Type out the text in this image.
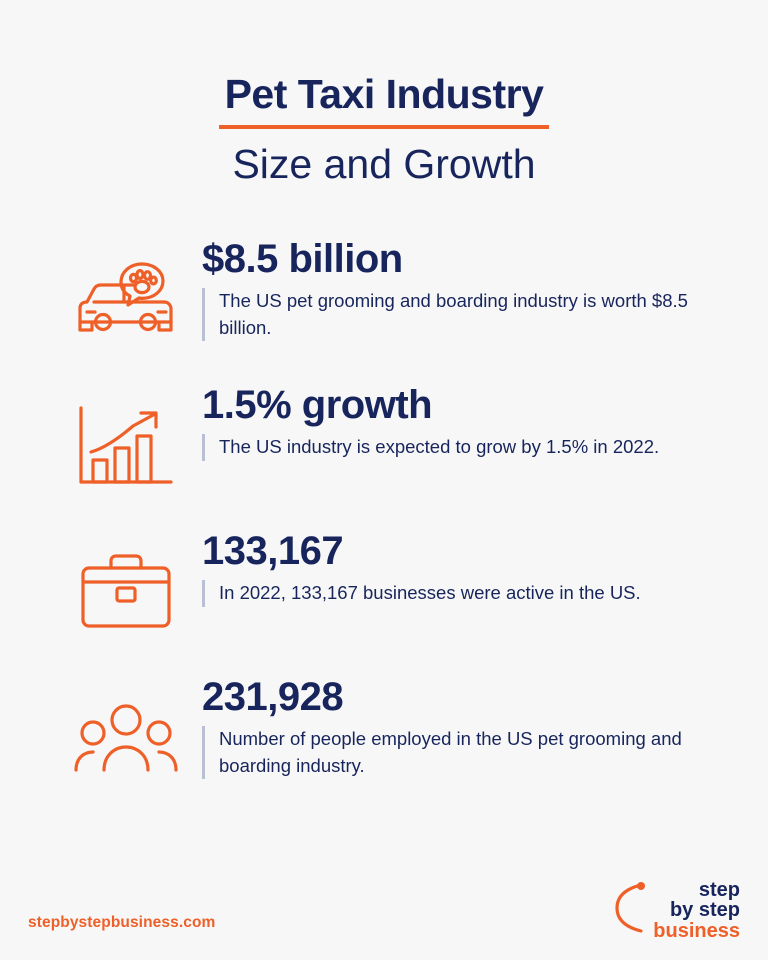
Pet Taxi Industry
Size and Growth
$8.5 billion
The US pet grooming and boarding industry is worth $8.5 billion.
1.5% growth
The US industry is expected to grow by 1.5% in 2022.
133,167
In 2022, 133,167 businesses were active in the US.
231,928
Number of people employed in the US pet grooming and boarding industry.
stepbystepbusiness.com
step
by step
business
